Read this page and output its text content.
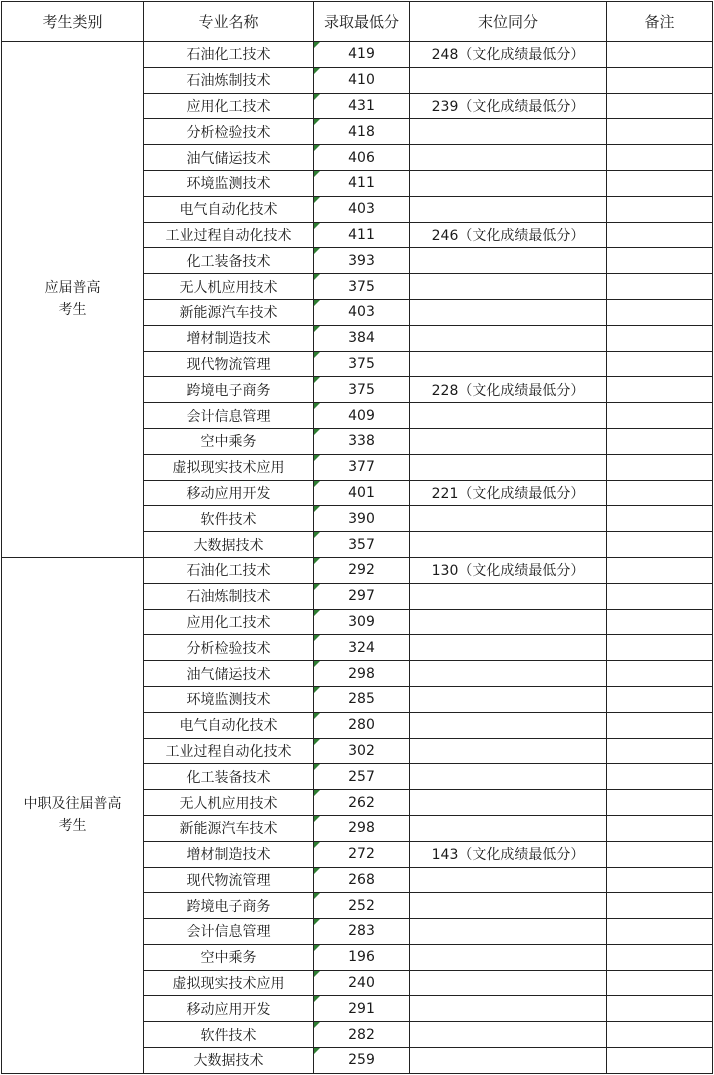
考生类别	专业名称	录取最低分	末位同分	备注

应届普高
考生	石油化工技术	419	248（文化成绩最低分）	
	石油炼制技术	410		
	应用化工技术	431	239（文化成绩最低分）	
	分析检验技术	418		
	油气储运技术	406		
	环境监测技术	411		
	电气自动化技术	403		
	工业过程自动化技术	411	246（文化成绩最低分）	
	化工装备技术	393		
	无人机应用技术	375		
	新能源汽车技术	403		
	增材制造技术	384		
	现代物流管理	375		
	跨境电子商务	375	228（文化成绩最低分）	
	会计信息管理	409		
	空中乘务	338		
	虚拟现实技术应用	377		
	移动应用开发	401	221（文化成绩最低分）	
	软件技术	390		
	大数据技术	357		

中职及往届普高
考生	石油化工技术	292	130（文化成绩最低分）	
	石油炼制技术	297		
	应用化工技术	309		
	分析检验技术	324		
	油气储运技术	298		
	环境监测技术	285		
	电气自动化技术	280		
	工业过程自动化技术	302		
	化工装备技术	257		
	无人机应用技术	262		
	新能源汽车技术	298		
	增材制造技术	272	143（文化成绩最低分）	
	现代物流管理	268		
	跨境电子商务	252		
	会计信息管理	283		
	空中乘务	196		
	虚拟现实技术应用	240		
	移动应用开发	291		
	软件技术	282		
	大数据技术	259		
